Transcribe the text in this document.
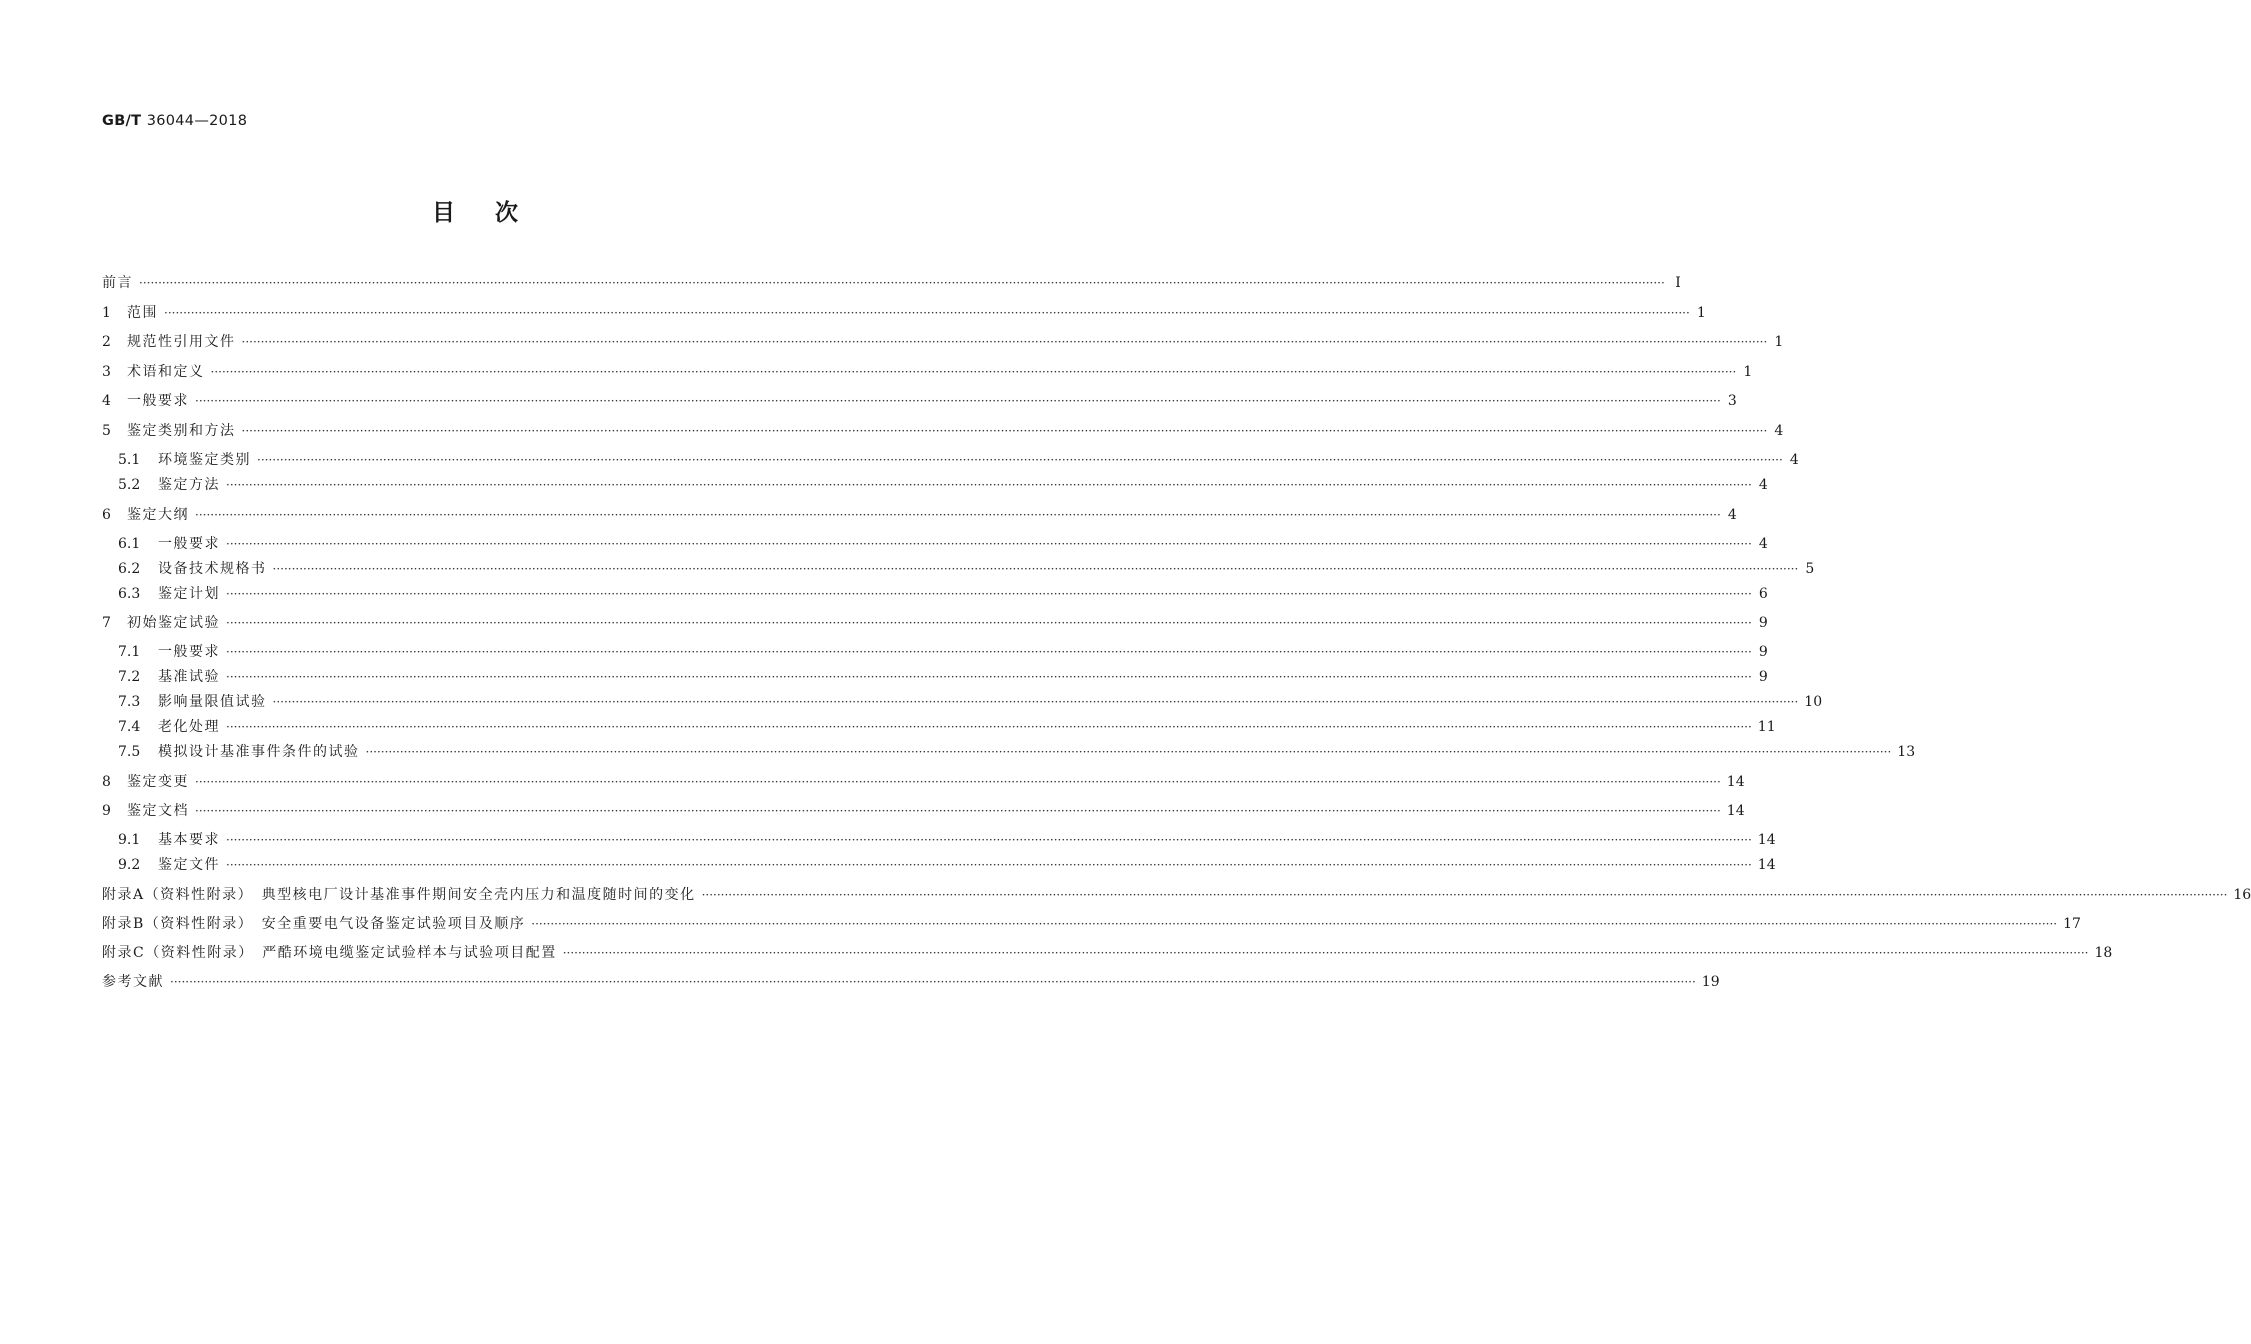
GB/T 36044—2018
目次
前言 ················································································································································································································································································································································································································ Ⅰ
1	范围 ················································································································································································································································································································································································································ 1
2	规范性引用文件 ················································································································································································································································································································································································································ 1
3	术语和定义 ················································································································································································································································································································································································································ 1
4	一般要求 ················································································································································································································································································································································································································ 3
5	鉴定类别和方法 ················································································································································································································································································································································································································ 4
5.1	环境鉴定类别 ················································································································································································································································································································································································································ 4
5.2	鉴定方法 ················································································································································································································································································································································································································ 4
6	鉴定大纲 ················································································································································································································································································································································································································ 4
6.1	一般要求 ················································································································································································································································································································································································································ 4
6.2	设备技术规格书 ················································································································································································································································································································································································································ 5
6.3	鉴定计划 ················································································································································································································································································································································································································ 6
7	初始鉴定试验 ················································································································································································································································································································································································································ 9
7.1	一般要求 ················································································································································································································································································································································································································ 9
7.2	基准试验 ················································································································································································································································································································································································································ 9
7.3	影响量限值试验 ················································································································································································································································································································································································································ 10
7.4	老化处理 ················································································································································································································································································································································································································ 11
7.5	模拟设计基准事件条件的试验 ················································································································································································································································································································································································································ 13
8	鉴定变更 ················································································································································································································································································································································································································ 14
9	鉴定文档 ················································································································································································································································································································································································································ 14
9.1	基本要求 ················································································································································································································································································································································································································ 14
9.2	鉴定文件 ················································································································································································································································································································································································································ 14
附录A（资料性附录）　典型核电厂设计基准事件期间安全壳内压力和温度随时间的变化 ················································································································································································································································································································································································································ 16
附录B（资料性附录）　安全重要电气设备鉴定试验项目及顺序 ················································································································································································································································································································································································································ 17
附录C（资料性附录）　严酷环境电缆鉴定试验样本与试验项目配置 ················································································································································································································································································································································································································ 18
参考文献 ················································································································································································································································································································································································································ 19
